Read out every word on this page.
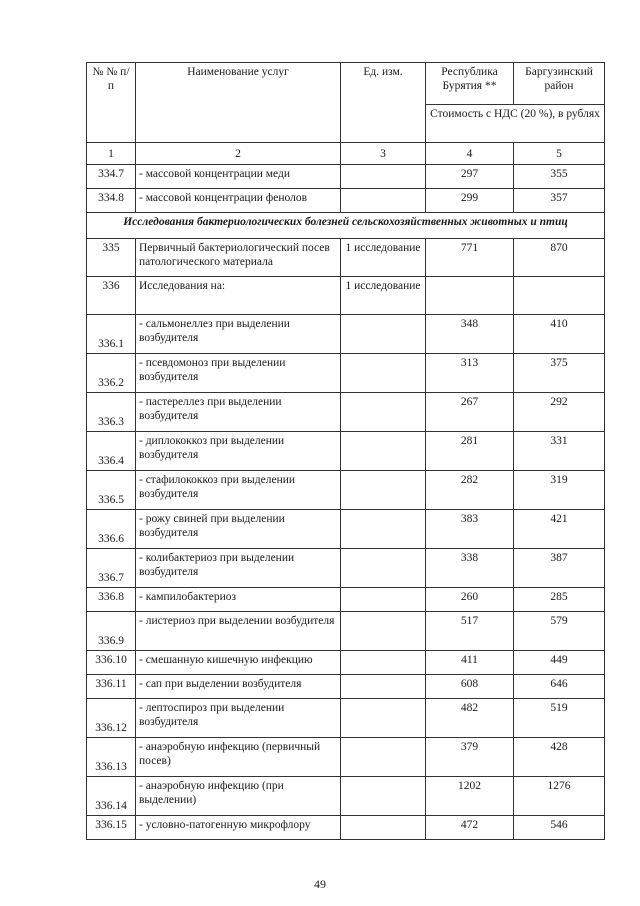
№ № п/п	Наименование услуг	Ед. изм.	Республика Бурятия **	Баргузинский район
			Стоимость с НДС (20 %), в рублях	
1	2	3	4	5
334.7	- массовой концентрации меди		297	355
334.8	- массовой концентрации фенолов		299	357
Исследования бактериологических болезней сельскохозяйственных животных и птиц				
335	Первичный бактериологический посев патологического материала	1 исследование	771	870
336	Исследования на:	1 исследование		
336.1	- сальмонеллез при выделении возбудителя		348	410
336.2	- псевдомоноз при выделении возбудителя		313	375
336.3	- пастереллез при выделении возбудителя		267	292
336.4	- диплококкоз при выделении возбудителя		281	331
336.5	- стафилококкоз при выделении возбудителя		282	319
336.6	- рожу свиней при выделении возбудителя		383	421
336.7	- колибактериоз при выделении возбудителя		338	387
336.8	- кампилобактериоз		260	285
336.9	- листериоз при выделении возбудителя		517	579
336.10	- смешанную кишечную инфекцию		411	449
336.11	- сап при выделении возбудителя		608	646
336.12	- лептоспироз при выделении возбудителя		482	519
336.13	- анаэробную инфекцию (первичный посев)		379	428
336.14	- анаэробную инфекцию (при выделении)		1202	1276
336.15	- условно-патогенную микрофлору		472	546
49
